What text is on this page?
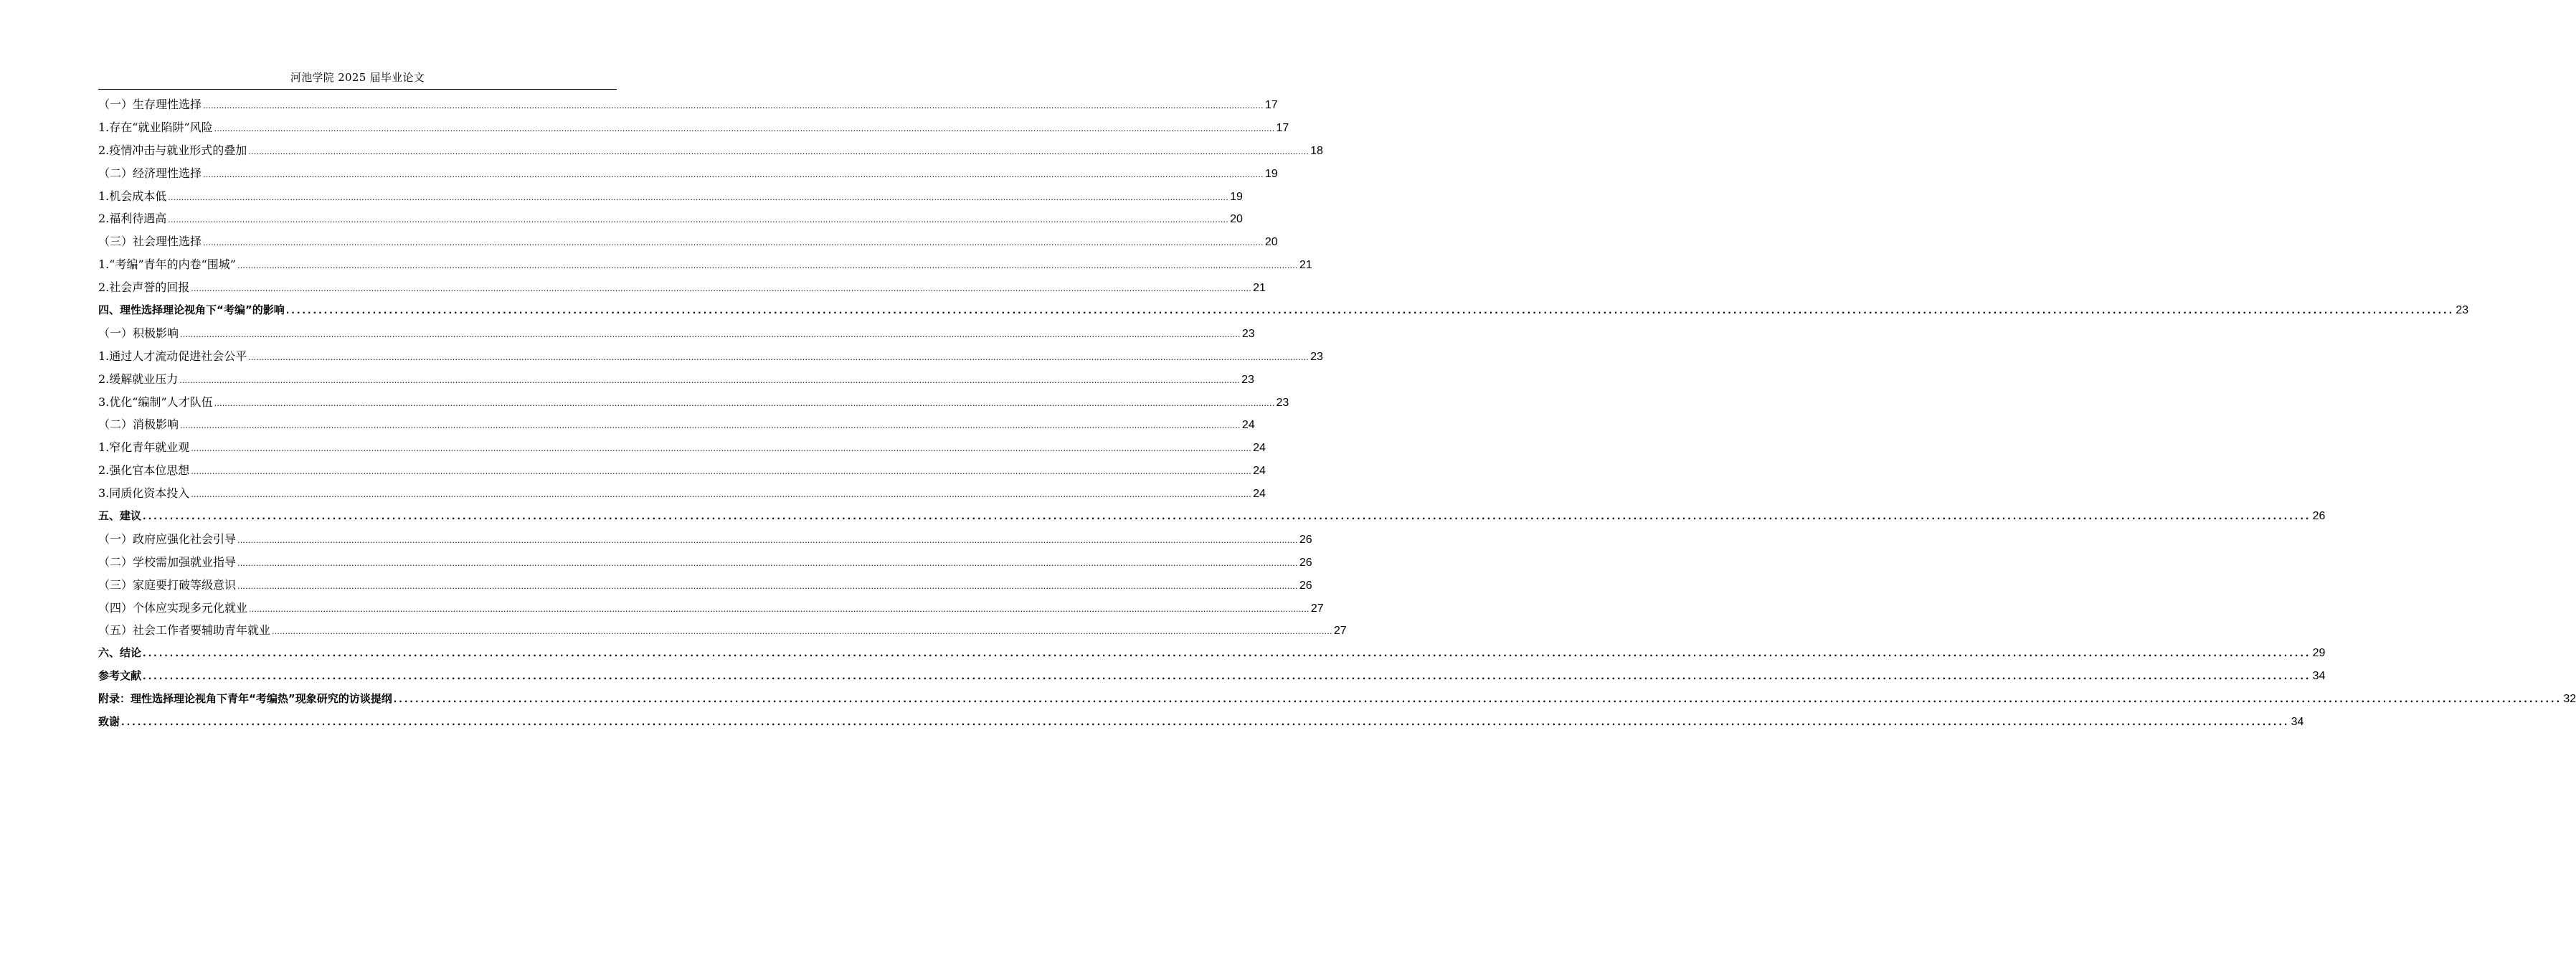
河池学院 2025 届毕业论文
（一）生存理性选择 ................................................................................................................................................................................................................................................................................................................................................................................................................ 17
1.存在“就业陷阱”风险 ................................................................................................................................................................................................................................................................................................................................................................................................................ 17
2.疫情冲击与就业形式的叠加 ................................................................................................................................................................................................................................................................................................................................................................................................................ 18
（二）经济理性选择 ................................................................................................................................................................................................................................................................................................................................................................................................................ 19
1.机会成本低 ................................................................................................................................................................................................................................................................................................................................................................................................................ 19
2.福利待遇高 ................................................................................................................................................................................................................................................................................................................................................................................................................ 20
（三）社会理性选择 ................................................................................................................................................................................................................................................................................................................................................................................................................ 20
1.“考编”青年的内卷“围城” ................................................................................................................................................................................................................................................................................................................................................................................................................ 21
2.社会声誉的回报 ................................................................................................................................................................................................................................................................................................................................................................................................................ 21
四、理性选择理论视角下“考编”的影响 ................................................................................................................................................................................................................................................................................................................................................................................................................ 23
（一）积极影响 ................................................................................................................................................................................................................................................................................................................................................................................................................ 23
1.通过人才流动促进社会公平 ................................................................................................................................................................................................................................................................................................................................................................................................................ 23
2.缓解就业压力 ................................................................................................................................................................................................................................................................................................................................................................................................................ 23
3.优化“编制”人才队伍 ................................................................................................................................................................................................................................................................................................................................................................................................................ 23
（二）消极影响 ................................................................................................................................................................................................................................................................................................................................................................................................................ 24
1.窄化青年就业观 ................................................................................................................................................................................................................................................................................................................................................................................................................ 24
2.强化官本位思想 ................................................................................................................................................................................................................................................................................................................................................................................................................ 24
3.同质化资本投入 ................................................................................................................................................................................................................................................................................................................................................................................................................ 24
五、建议 ................................................................................................................................................................................................................................................................................................................................................................................................................ 26
（一）政府应强化社会引导 ................................................................................................................................................................................................................................................................................................................................................................................................................ 26
（二）学校需加强就业指导 ................................................................................................................................................................................................................................................................................................................................................................................................................ 26
（三）家庭要打破等级意识 ................................................................................................................................................................................................................................................................................................................................................................................................................ 26
（四）个体应实现多元化就业 ................................................................................................................................................................................................................................................................................................................................................................................................................ 27
（五）社会工作者要辅助青年就业 ................................................................................................................................................................................................................................................................................................................................................................................................................ 27
六、结论 ................................................................................................................................................................................................................................................................................................................................................................................................................ 29
参考文献 ................................................................................................................................................................................................................................................................................................................................................................................................................ 34
附录：理性选择理论视角下青年“考编热”现象研究的访谈提纲 ................................................................................................................................................................................................................................................................................................................................................................................................................ 32
致谢 ................................................................................................................................................................................................................................................................................................................................................................................................................ 34
